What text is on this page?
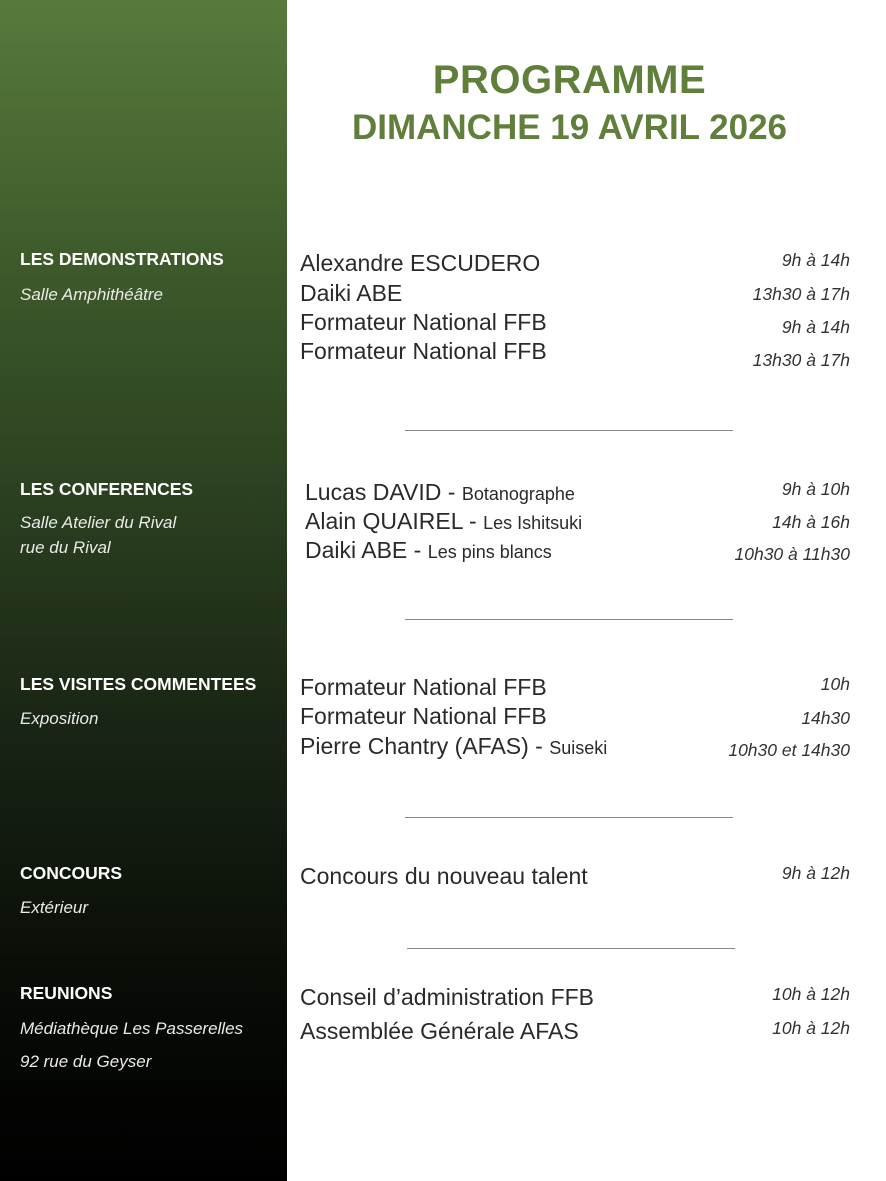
PROGRAMME
DIMANCHE 19 AVRIL 2026
LES DEMONSTRATIONS
Salle Amphithéâtre
Alexandre ESCUDERO	9h à 14h
Daiki ABE	13h30 à 17h
Formateur National FFB	9h à 14h
Formateur National FFB	13h30 à 17h
LES CONFERENCES
Salle Atelier du Rival
rue du Rival
Lucas DAVID - Botanographe	9h à 10h
Alain QUAIREL - Les Ishitsuki	14h à 16h
Daiki ABE - Les pins blancs	10h30 à 11h30
LES VISITES COMMENTEES
Exposition
Formateur National FFB	10h
Formateur National FFB	14h30
Pierre Chantry (AFAS) - Suiseki	10h30 et 14h30
CONCOURS
Extérieur
Concours du nouveau talent	9h à 12h
REUNIONS
Médiathèque Les Passerelles
92 rue du Geyser
Conseil d’administration FFB	10h à 12h
Assemblée Générale AFAS	10h à 12h
